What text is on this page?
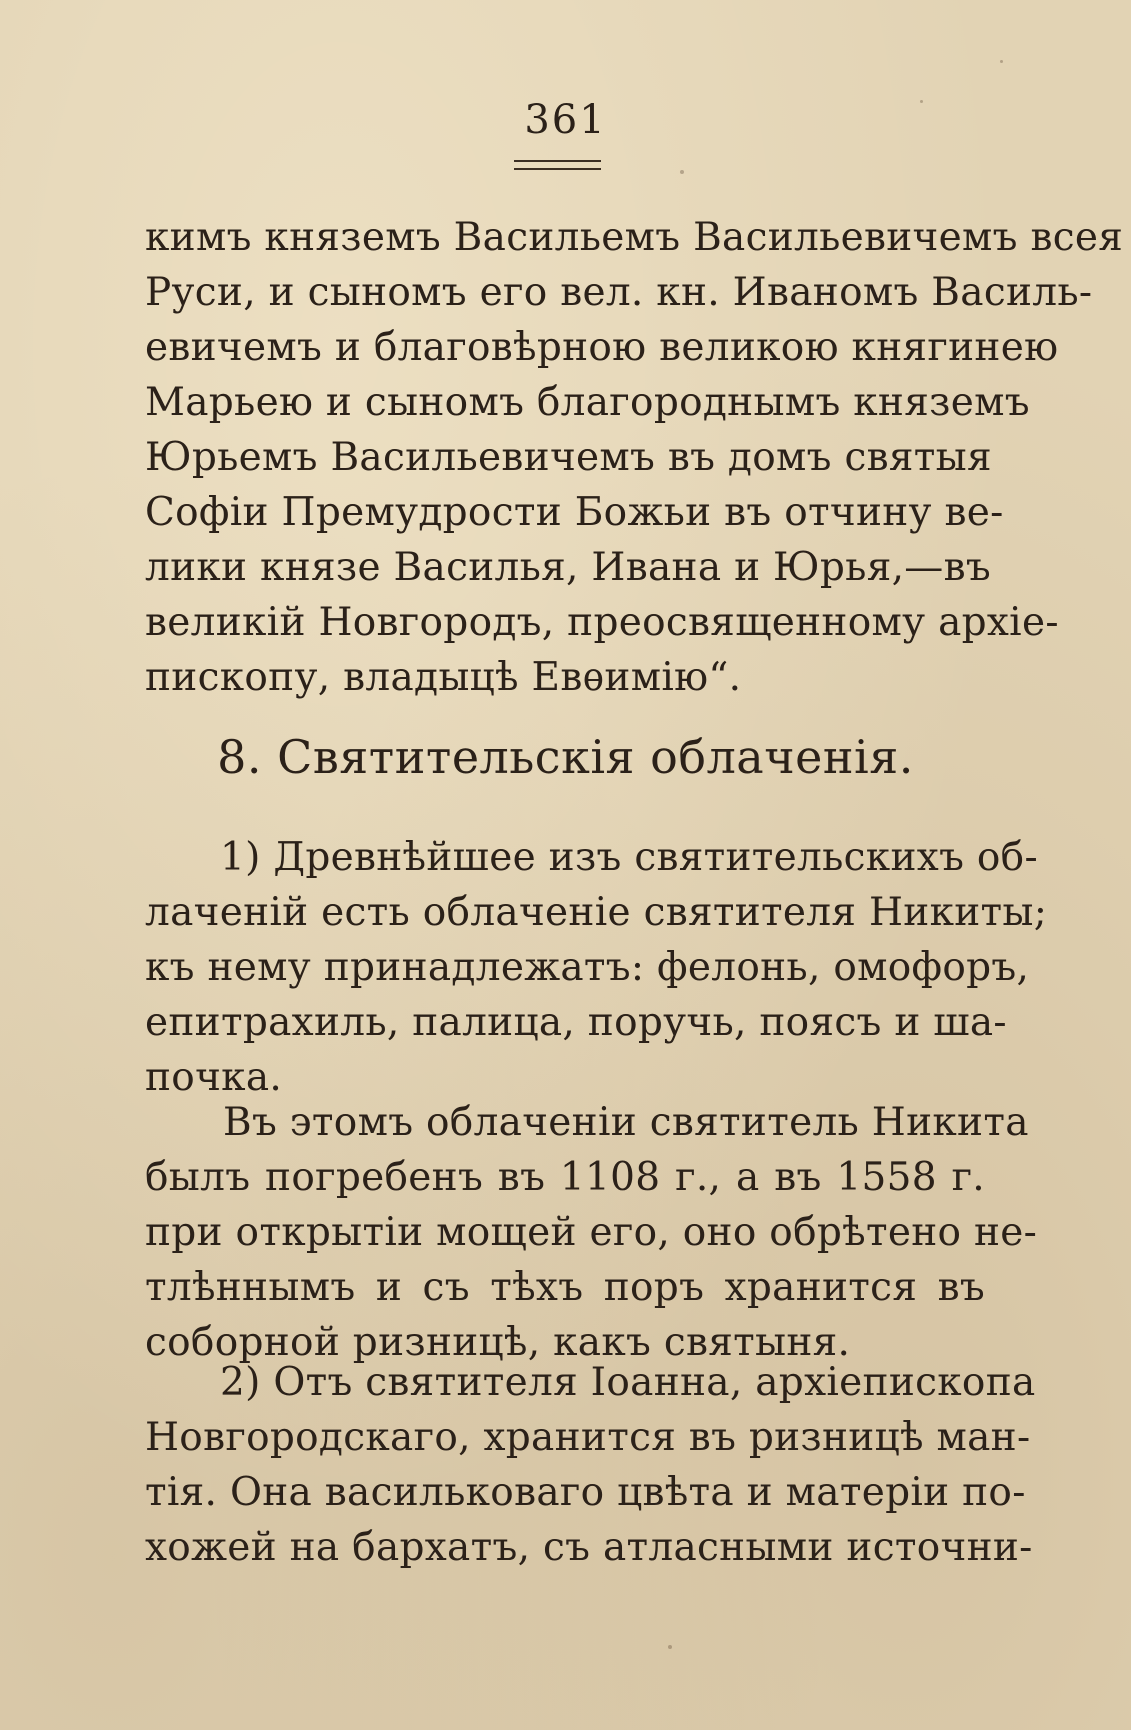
361
кимъ княземъ Васильемъ Васильевичемъ всея
Руси, и сыномъ его вел. кн. Иваномъ Василь-
евичемъ и благовѣрною великою княгинею
Марьею и сыномъ благороднымъ княземъ
Юрьемъ Васильевичемъ въ домъ святыя
Софіи Премудрости Божьи въ отчину ве-
лики князе Василья, Ивана и Юрья,—въ
великій Новгородъ, преосвященному архіе-
пископу, владыцѣ Евѳимію“.
8. Святительскія облаченія.
1) Древнѣйшее изъ святительскихъ об-
лаченій есть облаченіе святителя Никиты;
къ нему принадлежатъ: фелонь, омофоръ,
епитрахиль, палица, поручь, поясъ и ша-
почка.
Въ этомъ облаченіи святитель Никита
былъ погребенъ въ 1108 г., а въ 1558 г.
при открытіи мощей его, оно обрѣтено не-
тлѣннымъ и съ тѣхъ поръ хранится въ
соборной ризницѣ, какъ святыня.
2) Отъ святителя Іоанна, архіепископа
Новгородскаго, хранится въ ризницѣ ман-
тія. Она васильковаго цвѣта и матеріи по-
хожей на бархатъ, съ атласными источни-
